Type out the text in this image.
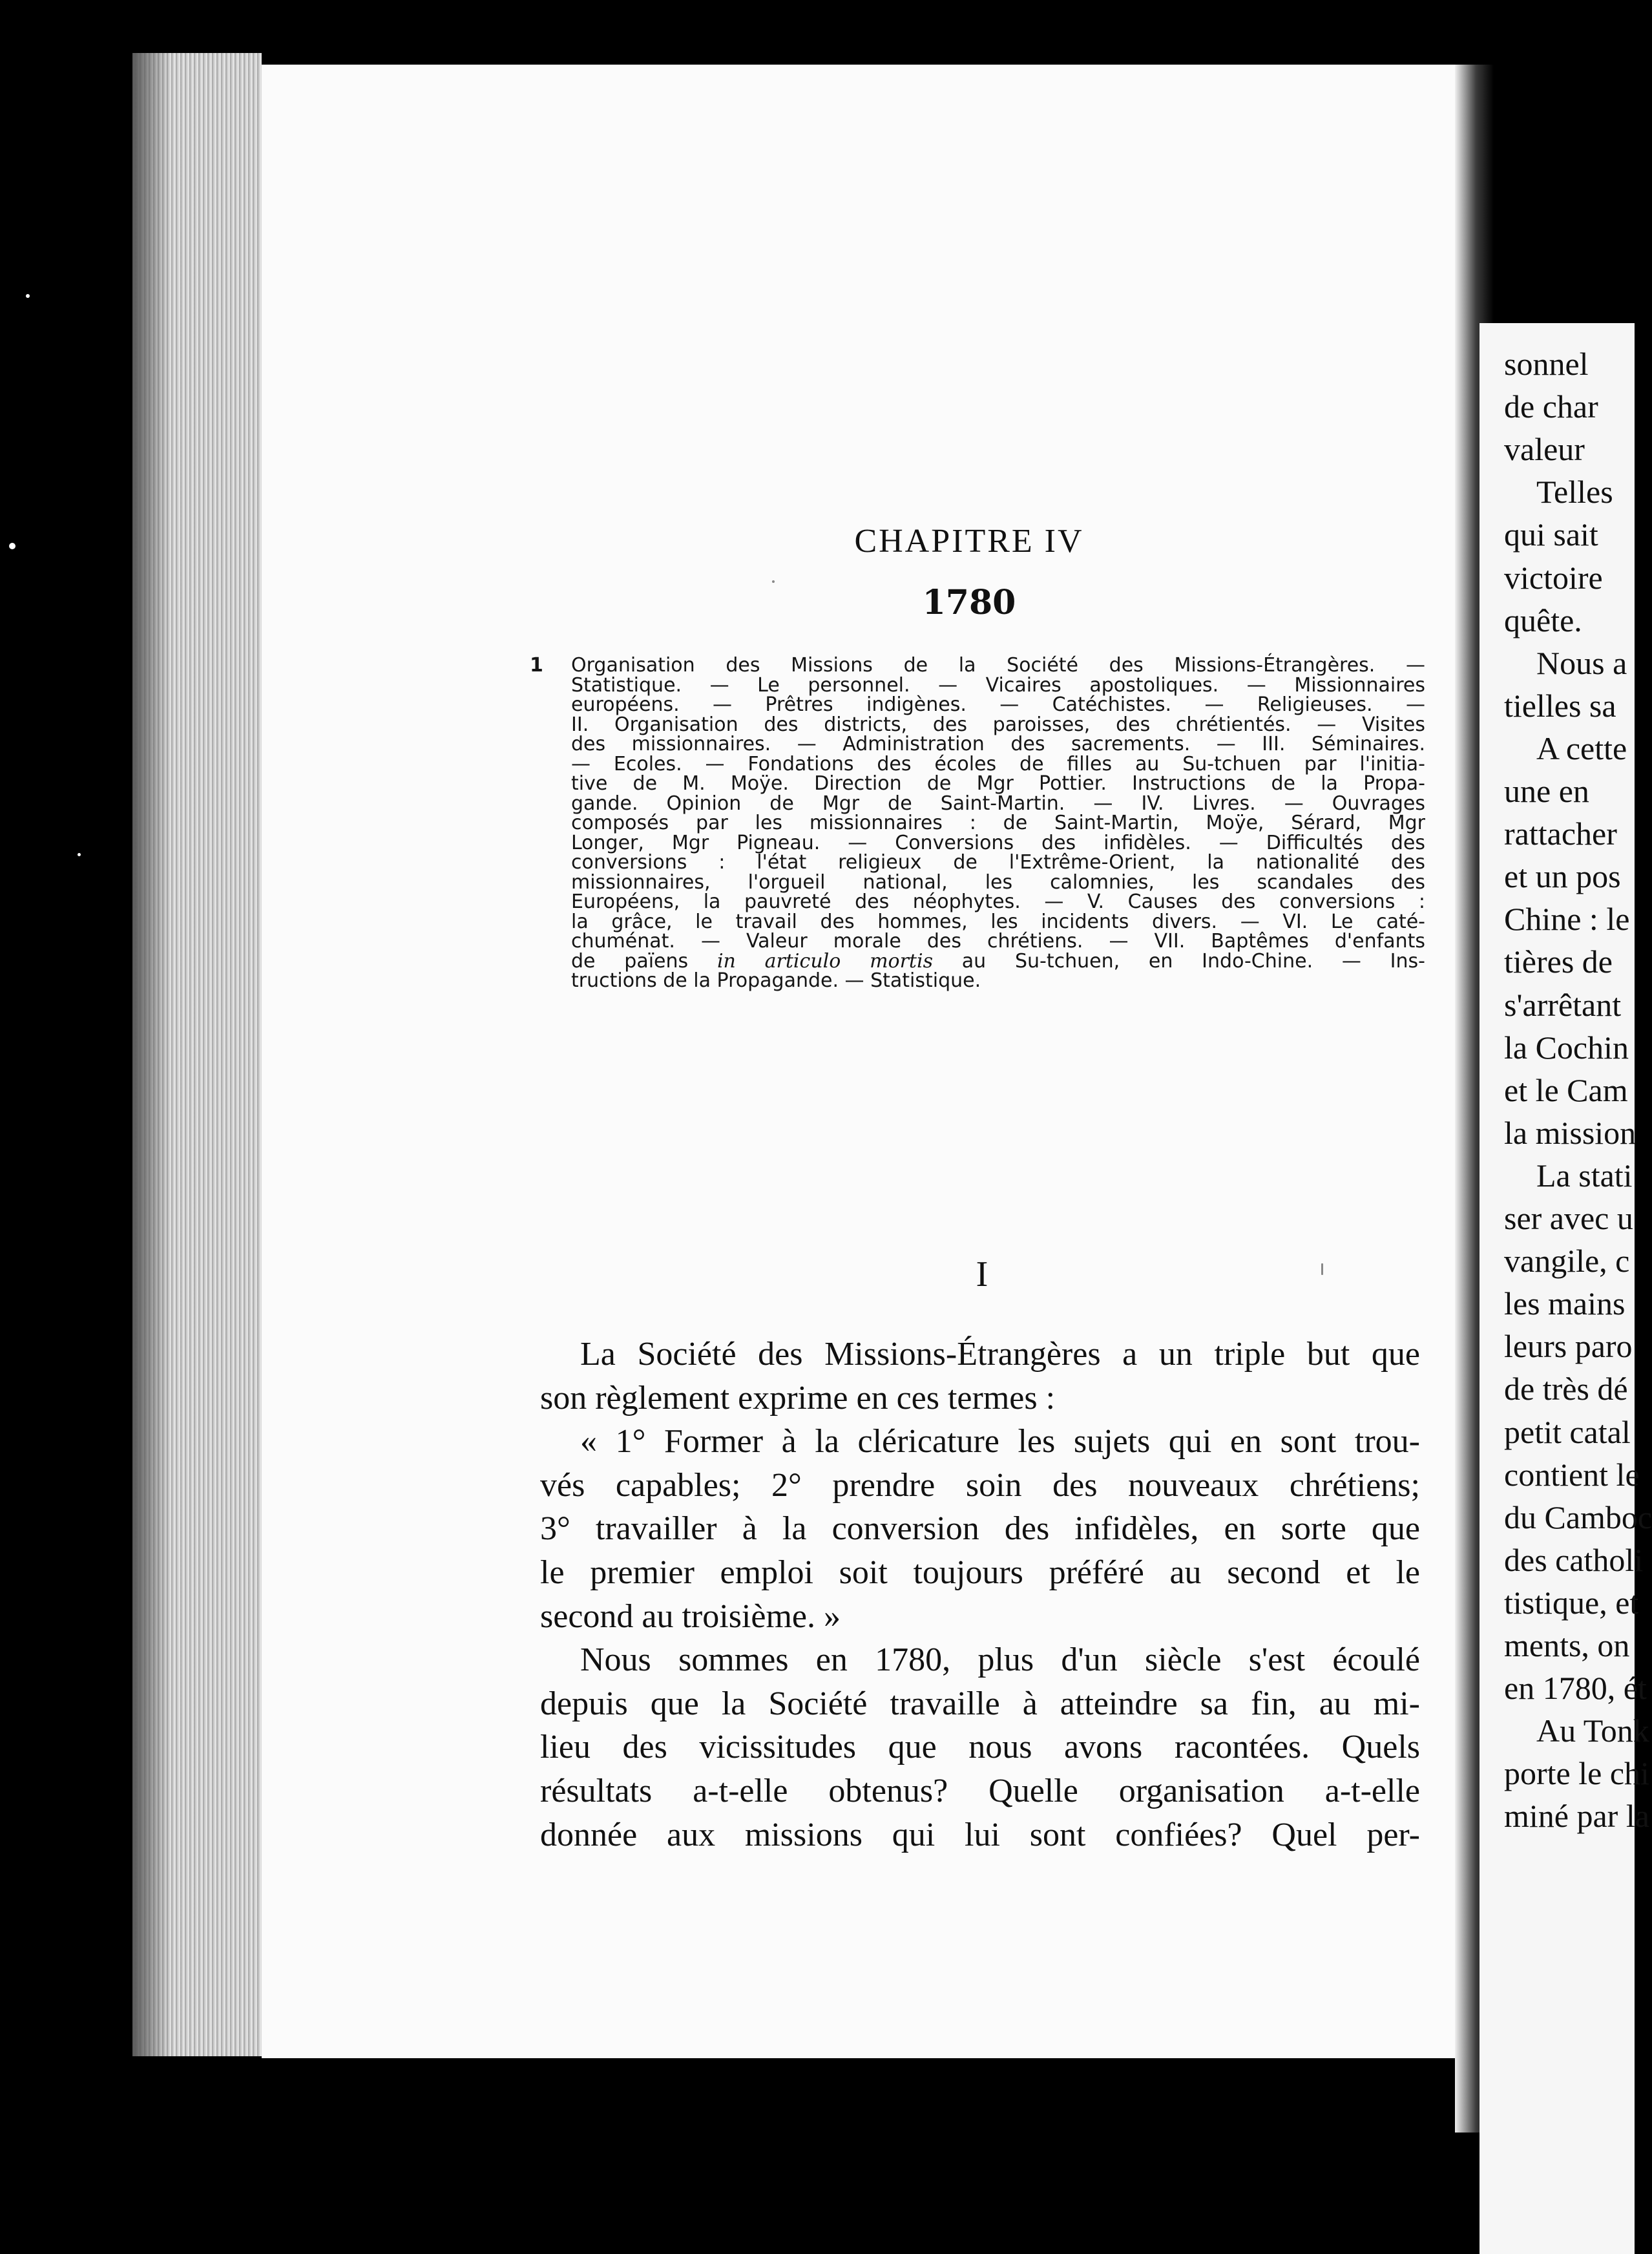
sonnel
de char
valeur
Telles
qui sait
victoire
quête.
Nous a
tielles sa
A cette
une en
rattacher
et un pos
Chine : le
tières de
s'arrêtant
la Cochin
et le Cam
la mission
La stati
ser avec u
vangile, c
les mains
leurs paro
de très dé
petit catal
contient le
du Camboc
des catholi
tistique, et
ments, on
en 1780, ét
Au Tonk
porte le chi
miné par la
CHAPITRE IV
1780
1 Organisation des Missions de la Société des Missions-Étrangères. —
Statistique. — Le personnel. — Vicaires apostoliques. — Missionnaires
européens. — Prêtres indigènes. — Catéchistes. — Religieuses. —
II. Organisation des districts, des paroisses, des chrétientés. — Visites
des missionnaires. — Administration des sacrements. — III. Séminaires.
— Ecoles. — Fondations des écoles de filles au Su-tchuen par l'initia-
tive de M. Moÿe. Direction de Mgr Pottier. Instructions de la Propa-
gande. Opinion de Mgr de Saint-Martin. — IV. Livres. — Ouvrages
composés par les missionnaires : de Saint-Martin, Moÿe, Sérard, Mgr
Longer, Mgr Pigneau. — Conversions des infidèles. — Difficultés des
conversions : l'état religieux de l'Extrême-Orient, la nationalité des
missionnaires, l'orgueil national, les calomnies, les scandales des
Européens, la pauvreté des néophytes. — V. Causes des conversions :
la grâce, le travail des hommes, les incidents divers. — VI. Le caté-
chuménat. — Valeur morale des chrétiens. — VII. Baptêmes d'enfants
de païens in articulo mortis au Su-tchuen, en Indo-Chine. — Ins-
tructions de la Propagande. — Statistique.
I
La Société des Missions-Étrangères a un triple but que
son règlement exprime en ces termes :
« 1° Former à la cléricature les sujets qui en sont trou-
vés capables; 2° prendre soin des nouveaux chrétiens;
3° travailler à la conversion des infidèles, en sorte que
le premier emploi soit toujours préféré au second et le
second au troisième. »
Nous sommes en 1780, plus d'un siècle s'est écoulé
depuis que la Société travaille à atteindre sa fin, au mi-
lieu des vicissitudes que nous avons racontées. Quels
résultats a-t-elle obtenus? Quelle organisation a-t-elle
donnée aux missions qui lui sont confiées? Quel per-
